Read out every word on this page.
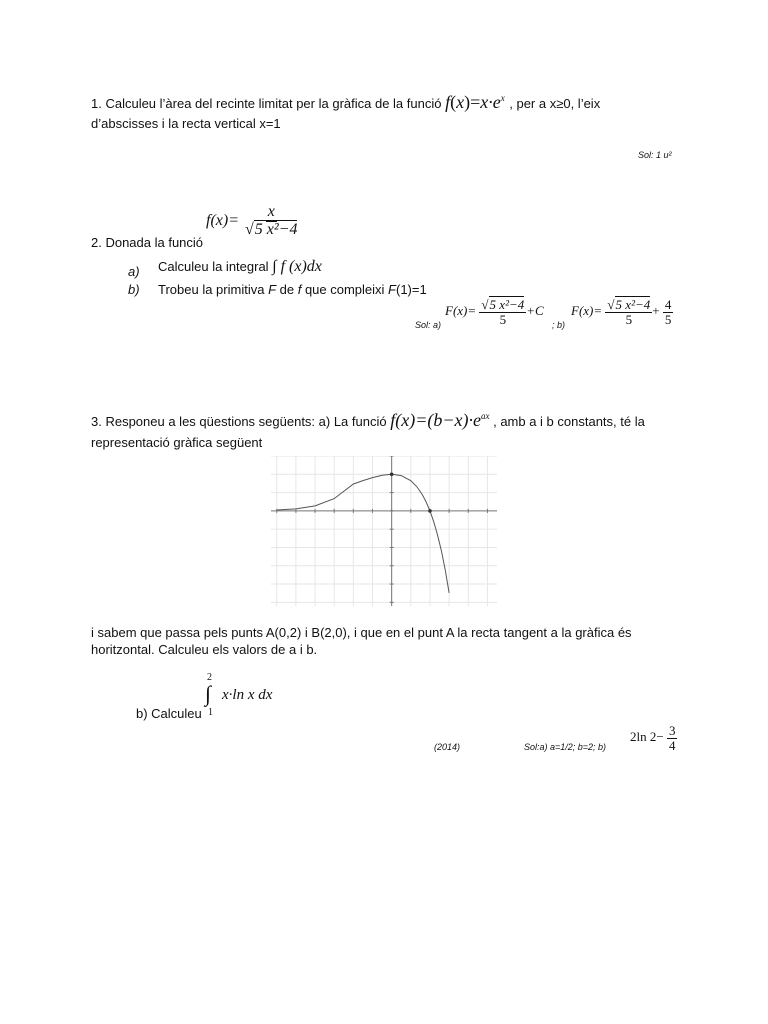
1. Calculeu l’àrea del recinte limitat per la gràfica de la funció $f(x)=x\cdot e^x$ , per a x≥0, l’eix
d’abscisses i la recta vertical x=1
Sol: 1 u²
$f(x)= \frac{x}{\text{√5 x²−4}}$
2. Donada la funció
a) Calculeu la integral ∫ f (x)dx
b) Trobeu la primitiva F de f que compleixi F(1)=1
Sol: a)
$F(x)= \frac{\text{√5 x²−4}}{5} +C$
; b)
$F(x)= \frac{\text{√5 x²−4}}{5} + \frac{4}{5}$
3. Responeu a les qüestions següents: a) La funció $f(x)=(b-x)\cdot e^{ax}$ , amb a i b constants, té la
representació gràfica següent
i sabem que passa pels punts A(0,2) i B(2,0), i que en el punt A la recta tangent a la gràfica és
horitzontal. Calculeu els valors de a i b.
2
∫ x·ln x dx
1
b) Calculeu
(2014)	Sol:a) a=1/2; b=2; b)
2ln $2- \frac{3}{4}$
